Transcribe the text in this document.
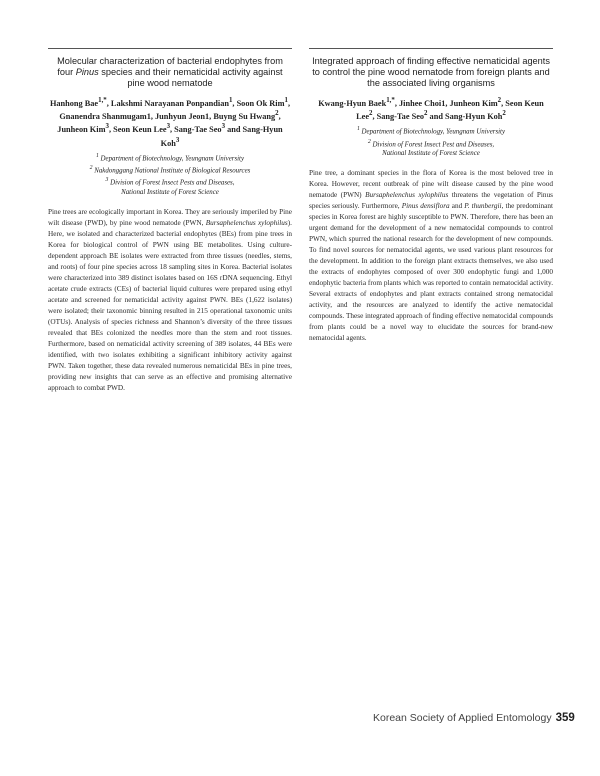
Molecular characterization of bacterial endophytes from four Pinus species and their nematicidal activity against pine wood nematode
Hanhong Bae$^{1,*}$, Lakshmi Narayanan Ponpandian$^1$, Soon Ok Rim$^1$, Gnanendra Shanmugam1, Junhyun Jeon1, Buyng Su Hwang$^2$, Junheon Kim$^3$, Seon Keun Lee$^3$, Sang-Tae Seo$^3$ and Sang-Hyun Koh$^3$
$^1$ Department of Biotechnology, Yeungnam University
$^2$ Nakdonggang National Institute of Biological Resources
$^3$ Division of Forest Insect Pests and Diseases,
National Institute of Forest Science
Pine trees are ecologically important in Korea. They are seriously imperiled by Pine wilt disease (PWD), by pine wood nematode (PWN, Bursaphelenchus xylophilus). Here, we isolated and characterized bacterial endophytes (BEs) from pine trees in Korea for biological control of PWN using BE metabolites. Using culture-dependent approach BE isolates were extracted from three tissues (needles, stems, and roots) of four pine species across 18 sampling sites in Korea. Bacterial isolates were characterized into 389 distinct isolates based on 16S rDNA sequencing. Ethyl acetate crude extracts (CEs) of bacterial liquid cultures were prepared using ethyl acetate and screened for nematicidal activity against PWN. BEs (1,622 isolates) were isolated; their taxonomic binning resulted in 215 operational taxonomic units (OTUs). Analysis of species richness and Shannon’s diversity of the three tissues revealed that BEs colonized the needles more than the stem and root tissues. Furthermore, based on nematicidal activity screening of 389 isolates, 44 BEs were identified, with two isolates exhibiting a significant inhibitory activity against PWN. Taken together, these data revealed numerous nematicidal BEs in pine trees, providing new insights that can serve as an effective and promising alternative approach to combat PWD.
Integrated approach of finding effective nematicidal agents to control the pine wood nematode from foreign plants and the associated living organisms
Kwang-Hyun Baek$^{1,*}$, Jinhee Choi1, Junheon Kim$^2$, Seon Keun Lee$^2$, Sang-Tae Seo$^2$ and Sang-Hyun Koh$^2$
$^1$ Department of Biotechnology, Yeungnam University
$^2$ Division of Forest Insect Pest and Diseases,
National Institute of Forest Science
Pine tree, a dominant species in the flora of Korea is the most beloved tree in Korea. However, recent outbreak of pine wilt disease caused by the pine wood nematode (PWN) Bursaphelenchus xylophilus threatens the vegetation of Pinus species seriously. Furthermore, Pinus densiflora and P. thunbergii, the predominant species in Korea forest are highly susceptible to PWN. Therefore, there has been an urgent demand for the development of a new nematocidal compounds to control PWN, which spurred the national research for the development of new compounds. To find novel sources for nematocidal agents, we used various plant resources for the development. In addition to the foreign plant extracts themselves, we also used the extracts of endophytes composed of over 300 endophytic fungi and 1,000 endophytic bacteria from plants which was reported to contain nematocidal activity. Several extracts of endophytes and plant extracts contained strong nematocidal activity, and the resources are analyzed to identify the active nematocidal compounds. These integrated approach of finding effective nematocidal compounds from plants could be a novel way to elucidate the sources for brand-new nematocidal agents.
Korean Society of Applied Entomology 359
